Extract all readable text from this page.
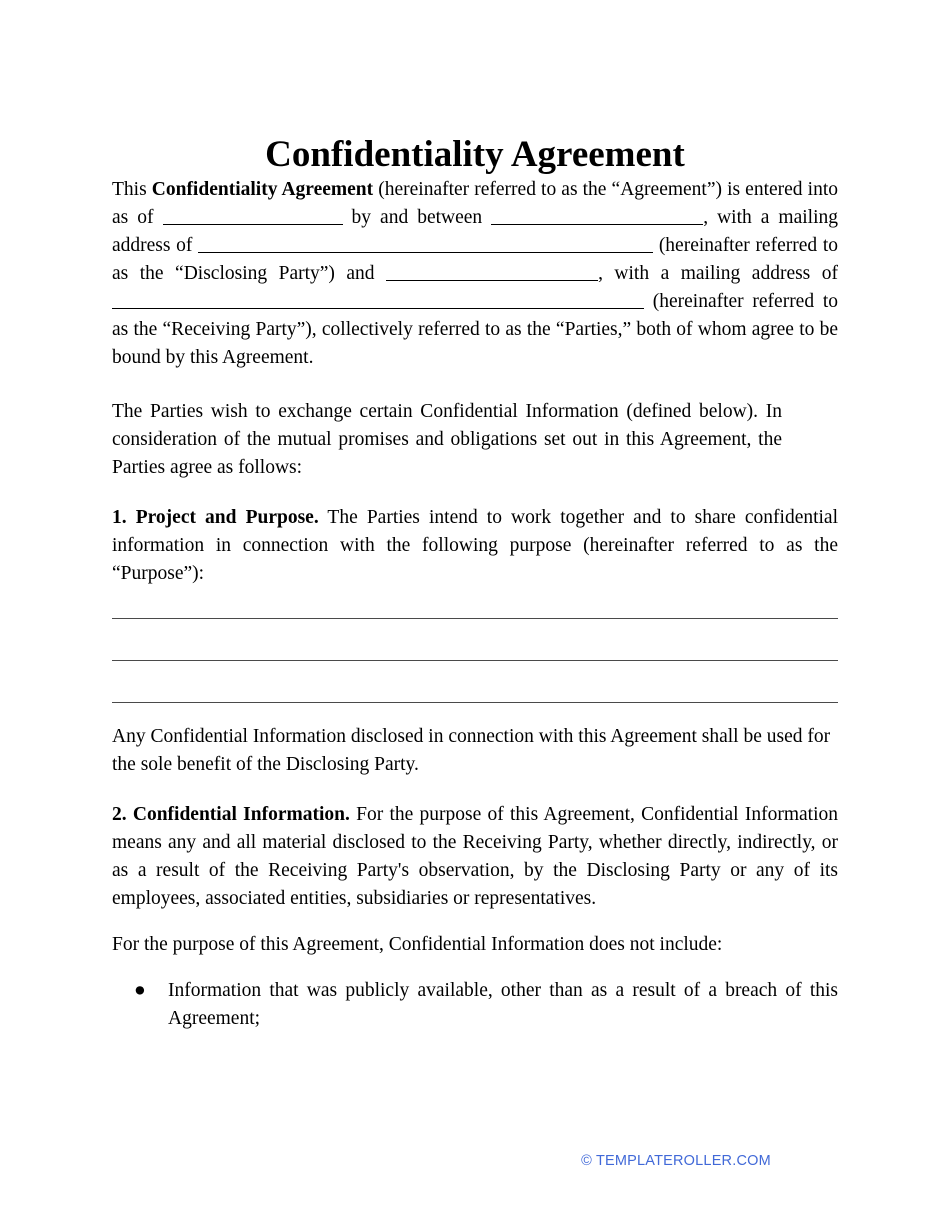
Confidentiality Agreement

This Confidentiality Agreement (hereinafter referred to as the “Agreement”) is entered into as of	by and between	, with a mailing address of	(hereinafter referred to as the “Disclosing Party”) and	, with a mailing address of  (hereinafter referred to as the “Receiving Party”), collectively referred to as the “Parties,” both of whom agree to be bound by this Agreement.

The Parties wish to exchange certain Confidential Information (defined below). In consideration of the mutual promises and obligations set out in this Agreement, the Parties agree as follows:

1. Project and Purpose. The Parties intend to work together and to share confidential information in connection with the following purpose (hereinafter referred to as the “Purpose”):

Any Confidential Information disclosed in connection with this Agreement shall be used for the sole benefit of the Disclosing Party.

2. Confidential Information. For the purpose of this Agreement, Confidential Information means any and all material disclosed to the Receiving Party, whether directly, indirectly, or as a result of the Receiving Party's observation, by the Disclosing Party or any of its employees, associated entities, subsidiaries or representatives.

For the purpose of this Agreement, Confidential Information does not include:

● Information that was publicly available, other than as a result of a breach of this Agreement;
© TEMPLATEROLLER.COM
